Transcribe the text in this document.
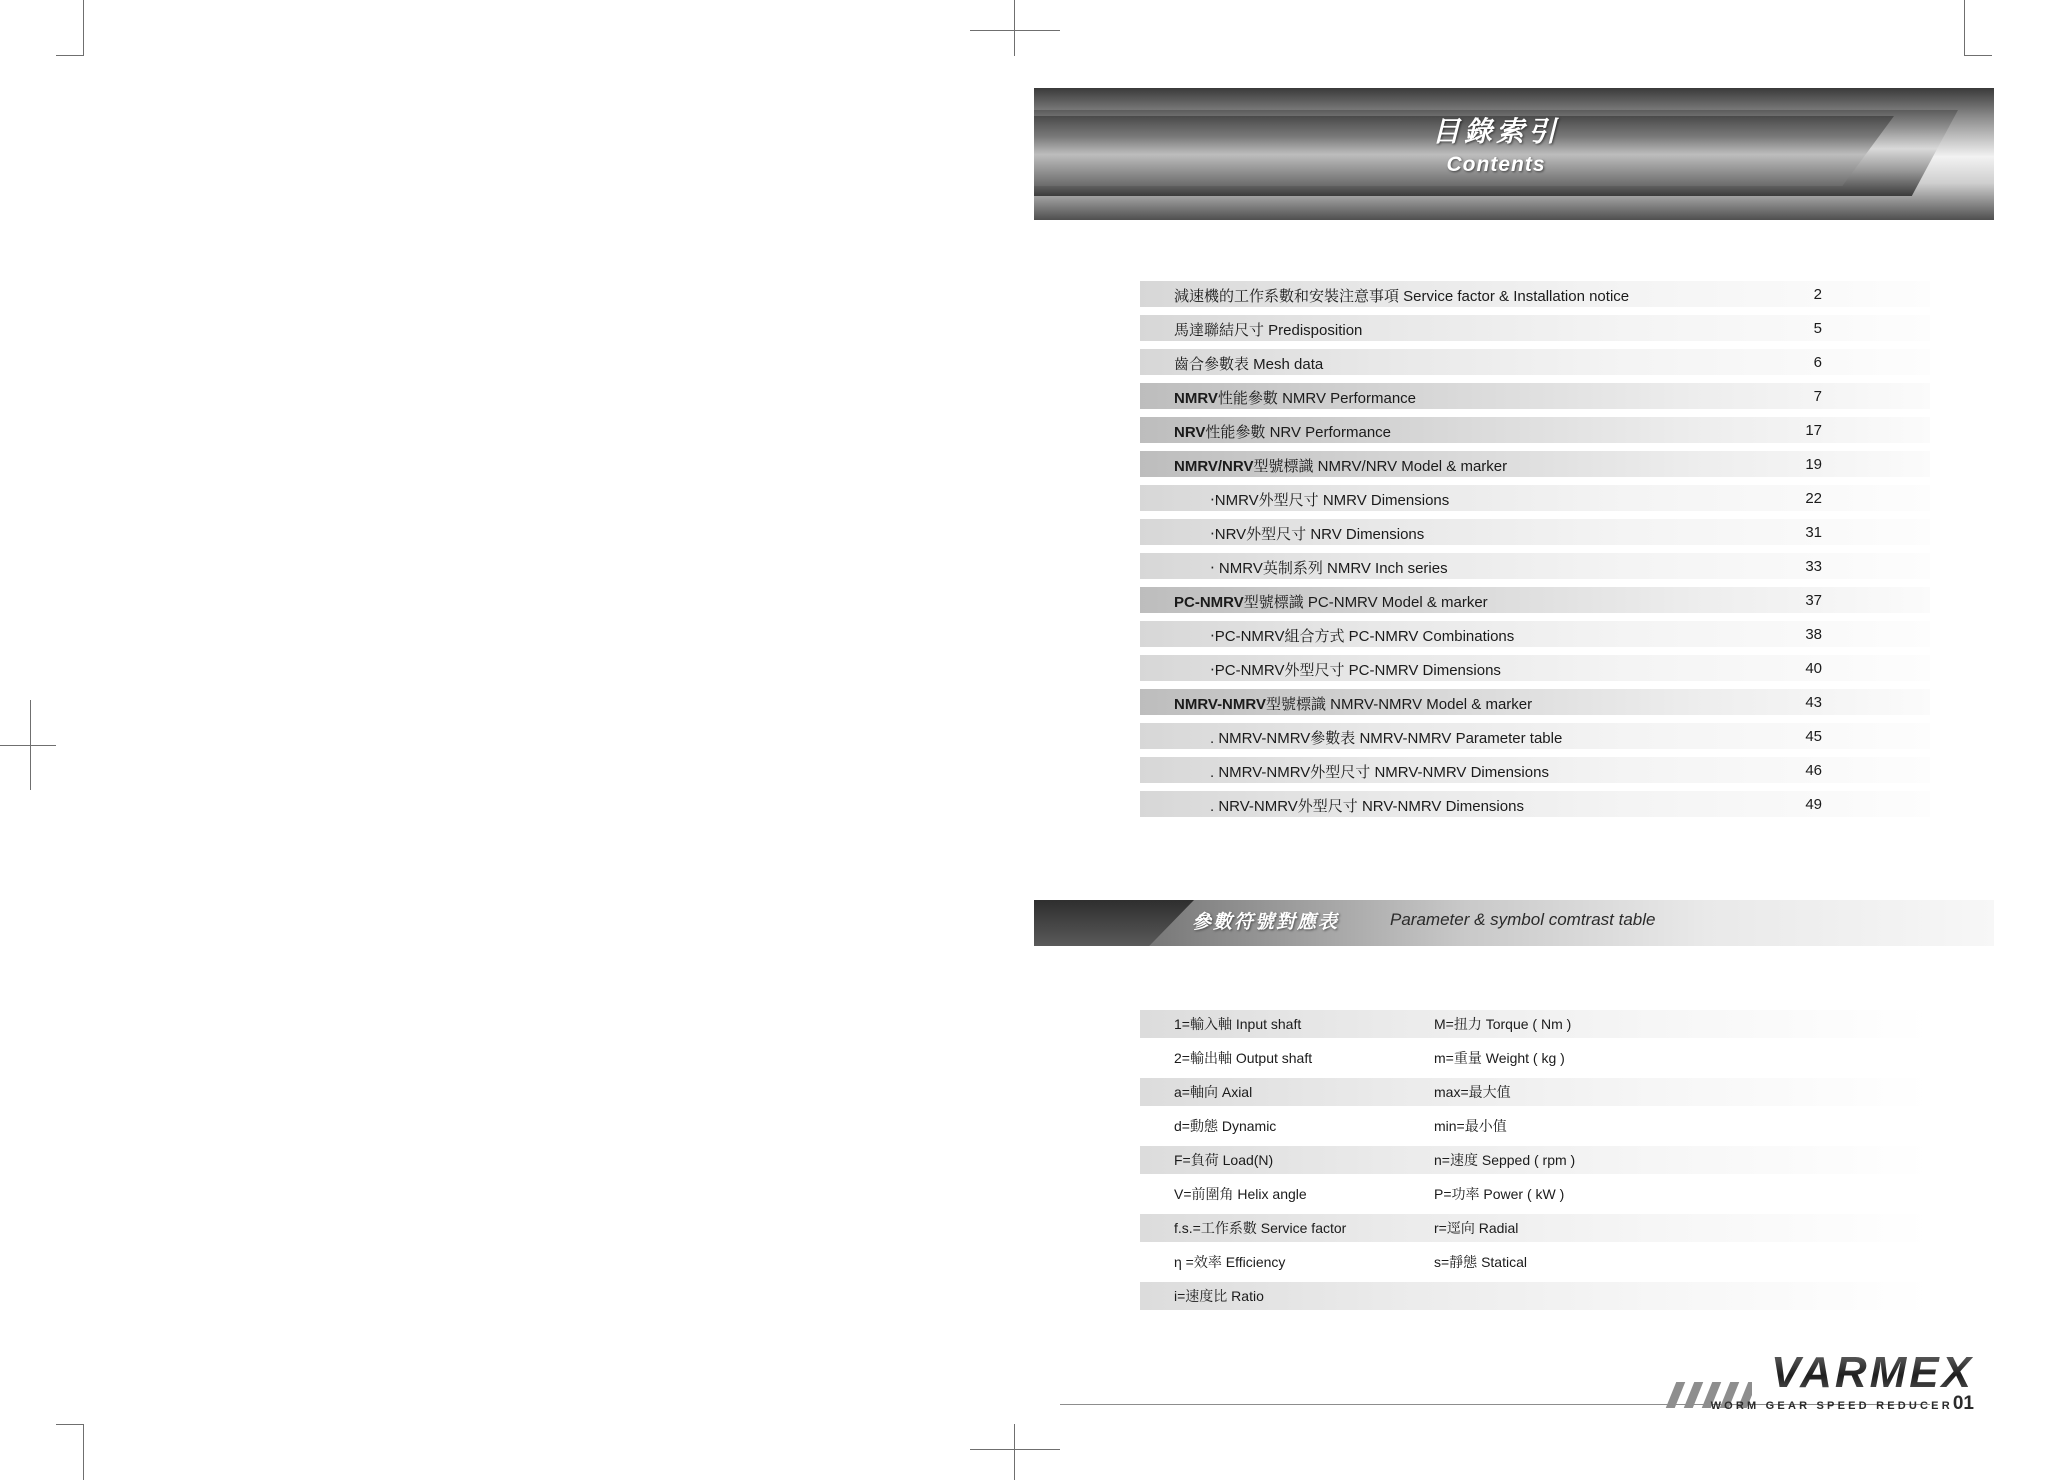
目錄索引
Contents
減速機的工作系數和安裝注意事項 Service factor & Installation notice	2
馬達聯結尺寸 Predisposition	5
齒合參數表 Mesh data	6
NMRV性能參數 NMRV Performance	7
NRV性能參數 NRV Performance	17
NMRV/NRV型號標識 NMRV/NRV Model & marker	19
‧NMRV外型尺寸 NMRV Dimensions	22
‧NRV外型尺寸 NRV Dimensions	31
‧ NMRV英制系列 NMRV Inch series	33
PC-NMRV型號標識 PC-NMRV Model & marker	37
‧PC-NMRV組合方式 PC-NMRV Combinations	38
‧PC-NMRV外型尺寸 PC-NMRV Dimensions	40
NMRV-NMRV型號標識 NMRV-NMRV Model & marker	43
. NMRV-NMRV參數表 NMRV-NMRV Parameter table	45
. NMRV-NMRV外型尺寸 NMRV-NMRV Dimensions	46
. NRV-NMRV外型尺寸 NRV-NMRV Dimensions	49
參數符號對應表	Parameter & symbol comtrast table
1=輸入軸 Input shaft	M=扭力 Torque ( Nm )
2=輸出軸 Output shaft	m=重量 Weight ( kg )
a=軸向 Axial	max=最大值
d=動態 Dynamic	min=最小值
F=負荷 Load(N)	n=速度 Sepped ( rpm )
V=前圍角 Helix angle	P=功率 Power ( kW )
f.s.=工作系數 Service factor	r=逕向 Radial
η =效率 Efficiency	s=靜態 Statical
i=速度比 Ratio
VARMEX
WORM GEAR SPEED REDUCER01
